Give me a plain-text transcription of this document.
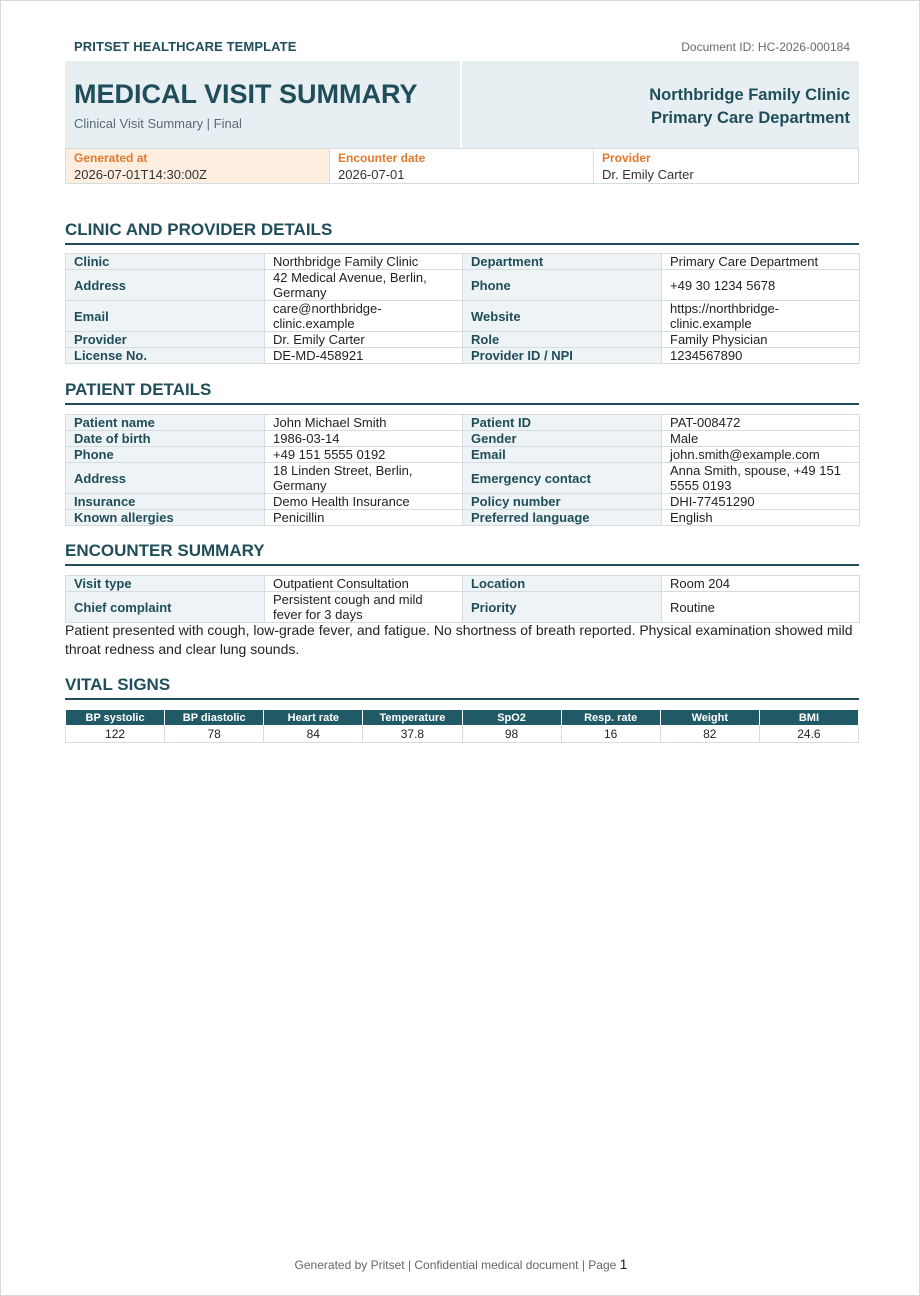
PRITSET HEALTHCARE TEMPLATE	Document ID: HC-2026-000184
MEDICAL VISIT SUMMARY
Clinical Visit Summary | Final
Northbridge Family Clinic
Primary Care Department
Generated at
2026-07-01T14:30:00Z
Encounter date
2026-07-01
Provider
Dr. Emily Carter
CLINIC AND PROVIDER DETAILS
Clinic	Northbridge Family Clinic	Department	Primary Care Department
Address	42 Medical Avenue, Berlin, Germany	Phone	+49 30 1234 5678
Email	care@northbridge-clinic.example	Website	https://northbridge-clinic.example
Provider	Dr. Emily Carter	Role	Family Physician
License No.	DE-MD-458921	Provider ID / NPI	1234567890
PATIENT DETAILS
Patient name	John Michael Smith	Patient ID	PAT-008472
Date of birth	1986-03-14	Gender	Male
Phone	+49 151 5555 0192	Email	john.smith@example.com
Address	18 Linden Street, Berlin, Germany	Emergency contact	Anna Smith, spouse, +49 151 5555 0193
Insurance	Demo Health Insurance	Policy number	DHI-77451290
Known allergies	Penicillin	Preferred language	English
ENCOUNTER SUMMARY
Visit type	Outpatient Consultation	Location	Room 204
Chief complaint	Persistent cough and mild fever for 3 days	Priority	Routine
Patient presented with cough, low-grade fever, and fatigue. No shortness of breath reported. Physical examination showed mild throat redness and clear lung sounds.
VITAL SIGNS
BP systolic	BP diastolic	Heart rate	Temperature	SpO2	Resp. rate	Weight	BMI
122	78	84	37.8	98	16	82	24.6
Generated by Pritset | Confidential medical document | Page 1
